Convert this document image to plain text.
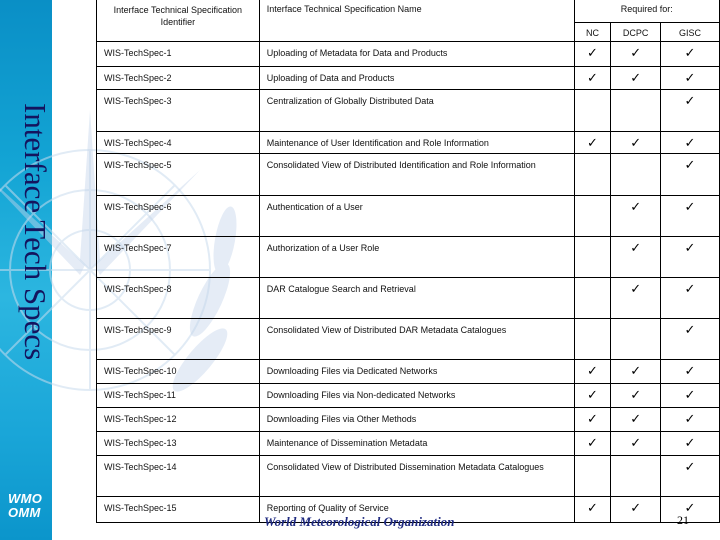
Interface Tech Specs
WMO
OMM
Interface Technical Specification Identifier	Interface Technical Specification Name	Required for:		
		NC	DCPC	GISC

WIS-TechSpec-1	Uploading of Metadata for Data and Products	✓	✓	✓

WIS-TechSpec-2	Uploading of Data and Products	✓	✓	✓

WIS-TechSpec-3	Centralization of Globally Distributed Data			✓

WIS-TechSpec-4	Maintenance of User Identification and Role Information	✓	✓	✓

WIS-TechSpec-5	Consolidated View of Distributed Identification and Role Information			✓

WIS-TechSpec-6	Authentication of a User		✓	✓

WIS-TechSpec-7	Authorization of a User Role		✓	✓

WIS-TechSpec-8	DAR Catalogue Search and Retrieval		✓	✓

WIS-TechSpec-9	Consolidated View of Distributed DAR Metadata Catalogues			✓

WIS-TechSpec-10	Downloading Files via Dedicated Networks	✓	✓	✓

WIS-TechSpec-11	Downloading Files via Non-dedicated Networks	✓	✓	✓

WIS-TechSpec-12	Downloading Files via Other Methods	✓	✓	✓

WIS-TechSpec-13	Maintenance of Dissemination Metadata	✓	✓	✓

WIS-TechSpec-14	Consolidated View of Distributed Dissemination Metadata Catalogues			✓

WIS-TechSpec-15	Reporting of Quality of Service	✓	✓	✓
World Meteorological Organization	21
